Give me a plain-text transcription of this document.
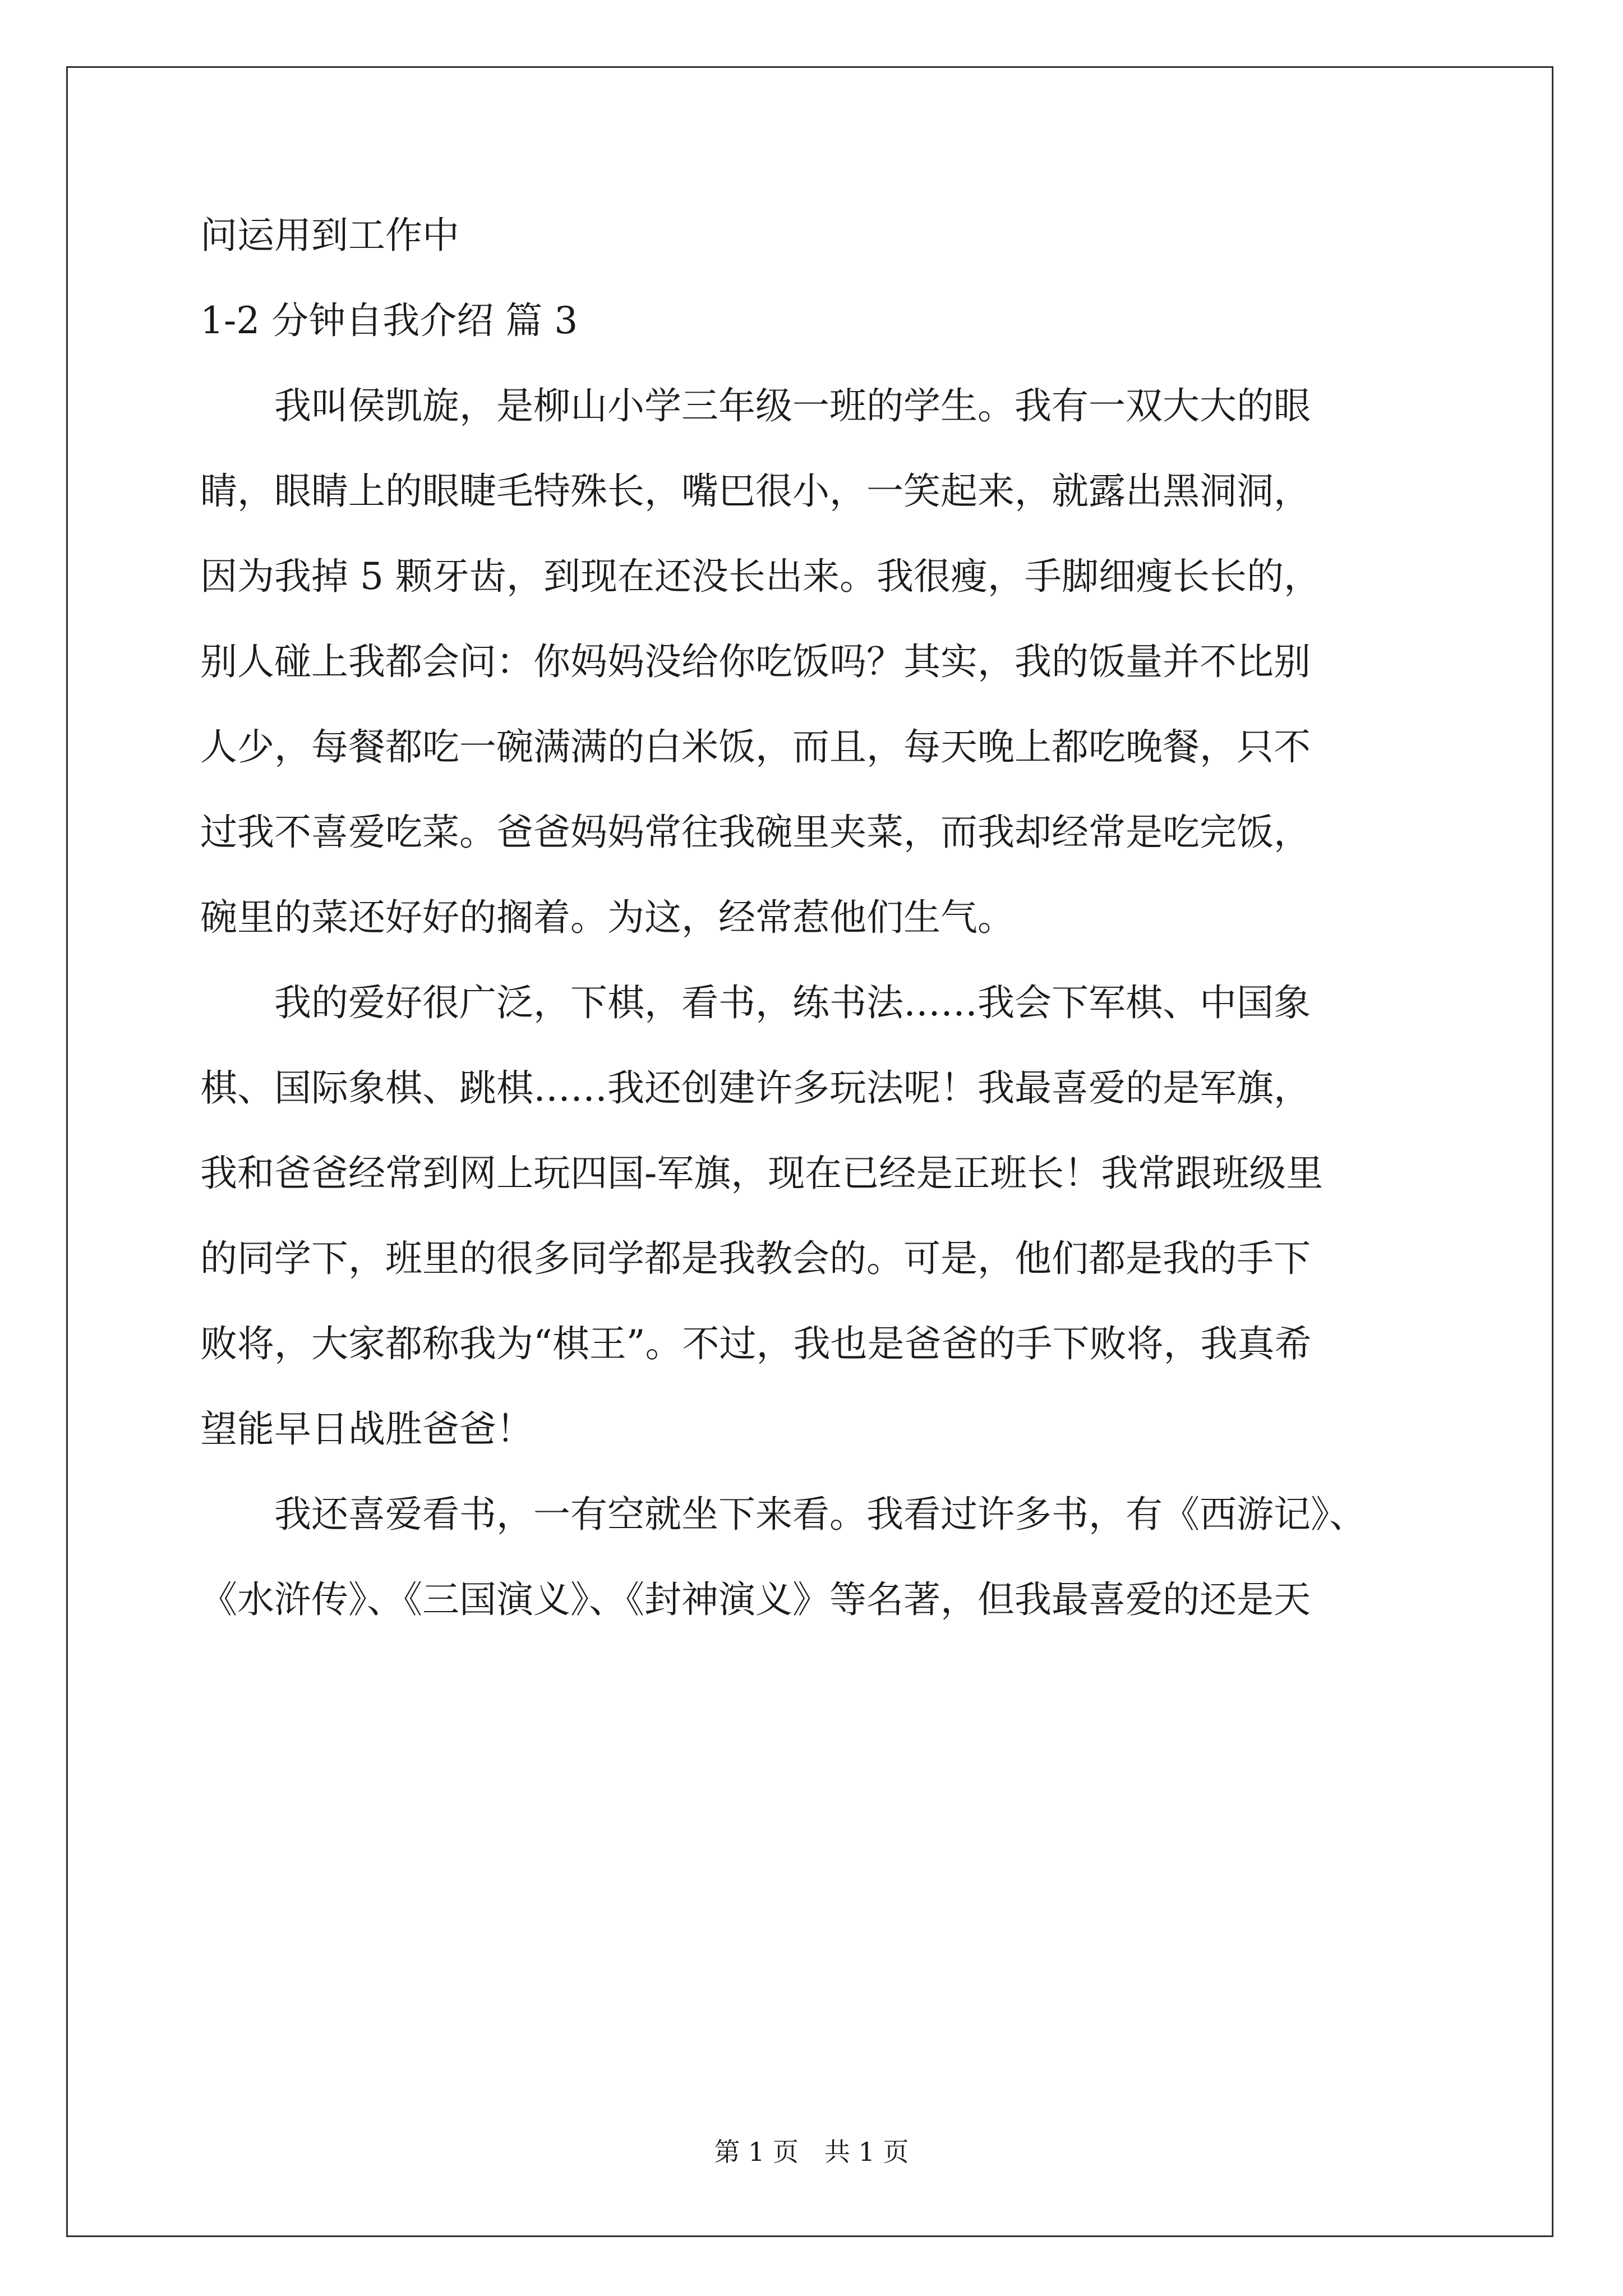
问运用到工作中
1-2 分钟自我介绍 篇 3
　　我叫侯凯旋，是柳山小学三年级一班的学生。我有一双大大的眼
睛，眼睛上的眼睫毛特殊长，嘴巴很小，一笑起来，就露出黑洞洞，
因为我掉 5 颗牙齿，到现在还没长出来。我很瘦，手脚细瘦长长的，
别人碰上我都会问：你妈妈没给你吃饭吗？其实，我的饭量并不比别
人少，每餐都吃一碗满满的白米饭，而且，每天晚上都吃晚餐，只不
过我不喜爱吃菜。爸爸妈妈常往我碗里夹菜，而我却经常是吃完饭，
碗里的菜还好好的搁着。为这，经常惹他们生气。
　　我的爱好很广泛，下棋，看书，练书法……我会下军棋、中国象
棋、国际象棋、跳棋……我还创建许多玩法呢！我最喜爱的是军旗，
我和爸爸经常到网上玩四国-军旗，现在已经是正班长！我常跟班级里
的同学下，班里的很多同学都是我教会的。可是，他们都是我的手下
败将，大家都称我为“棋王”。不过，我也是爸爸的手下败将，我真希
望能早日战胜爸爸！
　　我还喜爱看书，一有空就坐下来看。我看过许多书，有《西游记》、
《水浒传》、《三国演义》、《封神演义》等名著，但我最喜爱的还是天
第 1 页　共 1 页
